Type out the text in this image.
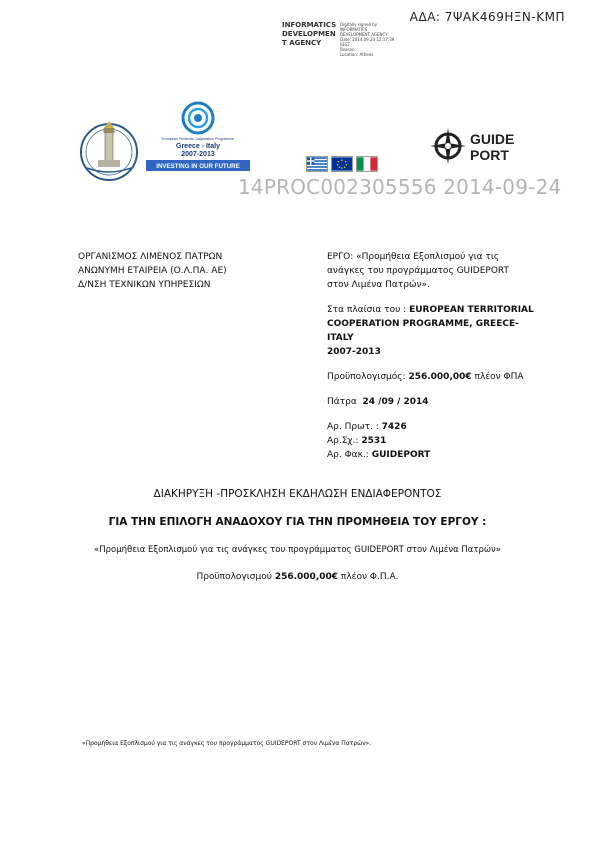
ΑΔΑ: 7ΨΑΚ469ΗΞΝ-ΚΜΠ
INFORMATICS
DEVELOPMEN
T AGENCY
Digitally signed by
INFORMATICS
DEVELOPMENT AGENCY
Date: 2014.09.24 12:17:39
EEST
Reason:
Location: Athens
European Territorial Cooperation Programme
Greece - Italy
2007-2013
INVESTING IN OUR FUTURE
GUIDE
PORT
14PROC002305556 2014-09-24
ΟΡΓΑΝΙΣΜΟΣ ΛΙΜΕΝΟΣ ΠΑΤΡΩΝ
ΑΝΩΝΥΜΗ ΕΤΑΙΡΕΙΑ (Ο.Λ.ΠΑ. ΑΕ)
Δ/ΝΣΗ ΤΕΧΝΙΚΩΝ ΥΠΗΡΕΣΙΩΝ
ΕΡΓΟ: «Προμήθεια Εξοπλισμού για τις
ανάγκες του προγράμματος GUIDEPORT
στον Λιμένα Πατρών».
Στα πλαίσια του : EUROPEAN TERRITORIAL
COOPERATION PROGRAMME, GREECE-ITALY
2007-2013
Προϋπολογισμός: 256.000,00€ πλέον ΦΠΑ
Πάτρα 24 /09 / 2014
Αρ. Πρωτ. : 7426
Αρ.Σχ.: 2531
Αρ. Φακ.: GUIDEPORT
ΔΙΑΚΗΡΥΞΗ -ΠΡΟΣΚΛΗΣΗ ΕΚΔΗΛΩΣΗ ΕΝΔΙΑΦΕΡΟΝΤΟΣ
ΓΙΑ ΤΗΝ ΕΠΙΛΟΓΗ ΑΝΑΔΟΧΟΥ ΓΙΑ ΤΗΝ ΠΡΟΜΗΘΕΙΑ ΤΟΥ ΕΡΓΟΥ :
«Προμήθεια Εξοπλισμού για τις ανάγκες του προγράμματος GUIDEPORT στον Λιμένα Πατρών»
Προϋπολογισμού 256.000,00€ πλέον Φ.Π.Α.
«Προμήθεια Εξοπλισμού για τις ανάγκες του προγράμματος GUIDEPORT στον Λιμένα Πατρών».
